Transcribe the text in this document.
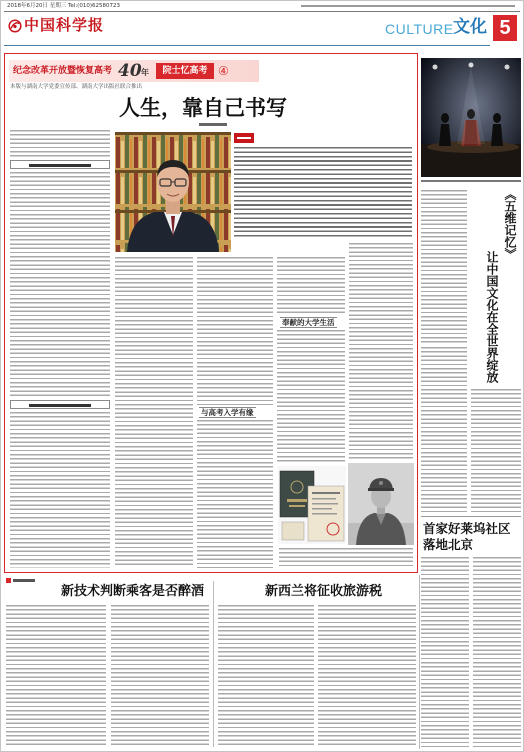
2018年6月20日 星期三 Tel:(010)62580723
中国科学报	CULTURE 文化 5
纪念改革开放暨恢复高考 40 年	院士忆高考 ④
本版与湖南大学党委宣传部、湖南大学出版社联合推出
人生，靠自己书写
与高考入学有缘
奉献的大学生活
《五维记忆》
让中国文化在全世界绽放
首家好莱坞社区
落地北京
新技术判断乘客是否醉酒	新西兰将征收旅游税
